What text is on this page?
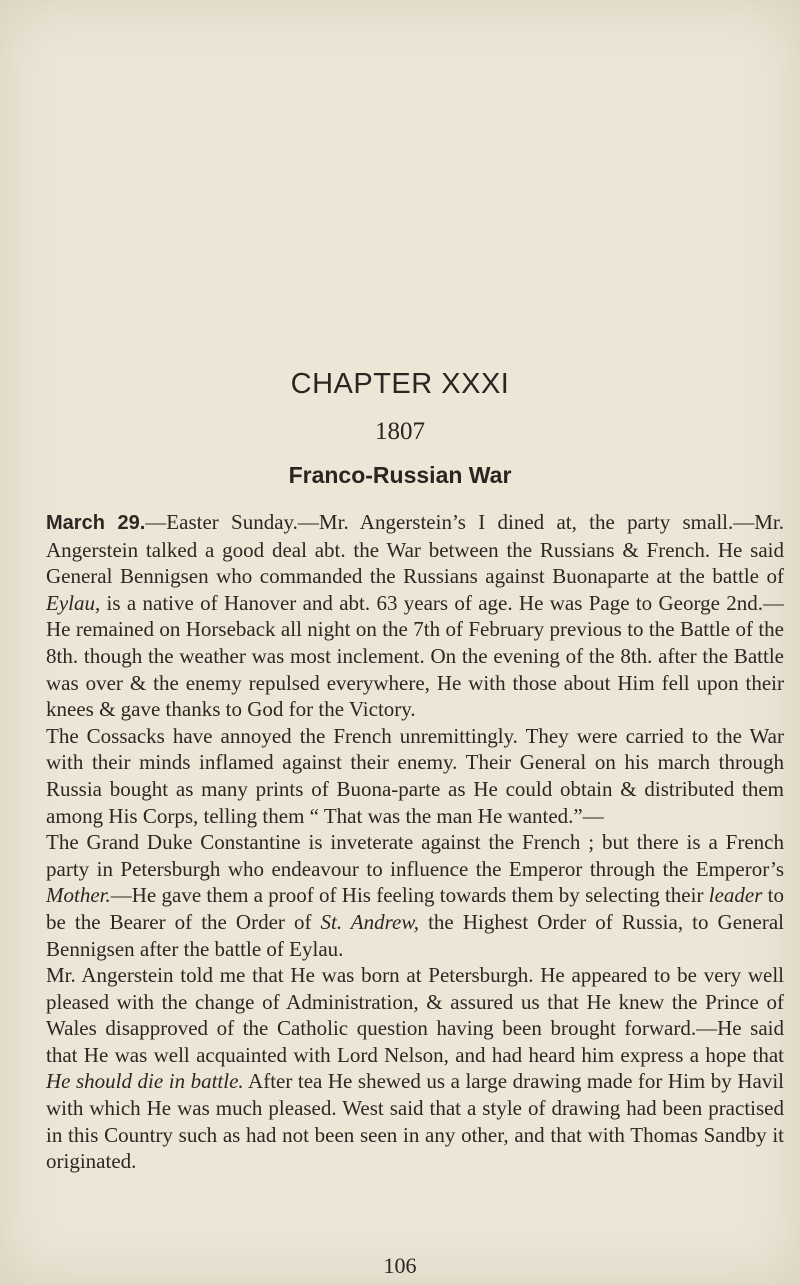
CHAPTER XXXI
1807
Franco-Russian War

March 29.—Easter Sunday.—Mr. Angerstein’s I dined at, the party small.—Mr. Angerstein talked a good deal abt. the War between the Russians & French. He said General Bennigsen who commanded the Russians against Buonaparte at the battle of Eylau, is a native of Hanover and abt. 63 years of age. He was Page to George 2nd.—He remained on Horseback all night on the 7th of February previous to the Battle of the 8th. though the weather was most inclement. On the evening of the 8th. after the Battle was over & the enemy repulsed everywhere, He with those about Him fell upon their knees & gave thanks to God for the Victory.

The Cossacks have annoyed the French unremittingly. They were carried to the War with their minds inflamed against their enemy. Their General on his march through Russia bought as many prints of Buona-parte as He could obtain & distributed them among His Corps, telling them “ That was the man He wanted.”—

The Grand Duke Constantine is inveterate against the French ; but there is a French party in Petersburgh who endeavour to influence the Emperor through the Emperor’s Mother.—He gave them a proof of His feeling towards them by selecting their leader to be the Bearer of the Order of St. Andrew, the Highest Order of Russia, to General Bennigsen after the battle of Eylau.

Mr. Angerstein told me that He was born at Petersburgh. He appeared to be very well pleased with the change of Administration, & assured us that He knew the Prince of Wales disapproved of the Catholic question having been brought forward.—He said that He was well acquainted with Lord Nelson, and had heard him express a hope that He should die in battle. After tea He shewed us a large drawing made for Him by Havil with which He was much pleased. West said that a style of drawing had been practised in this Country such as had not been seen in any other, and that with Thomas Sandby it originated.

106
